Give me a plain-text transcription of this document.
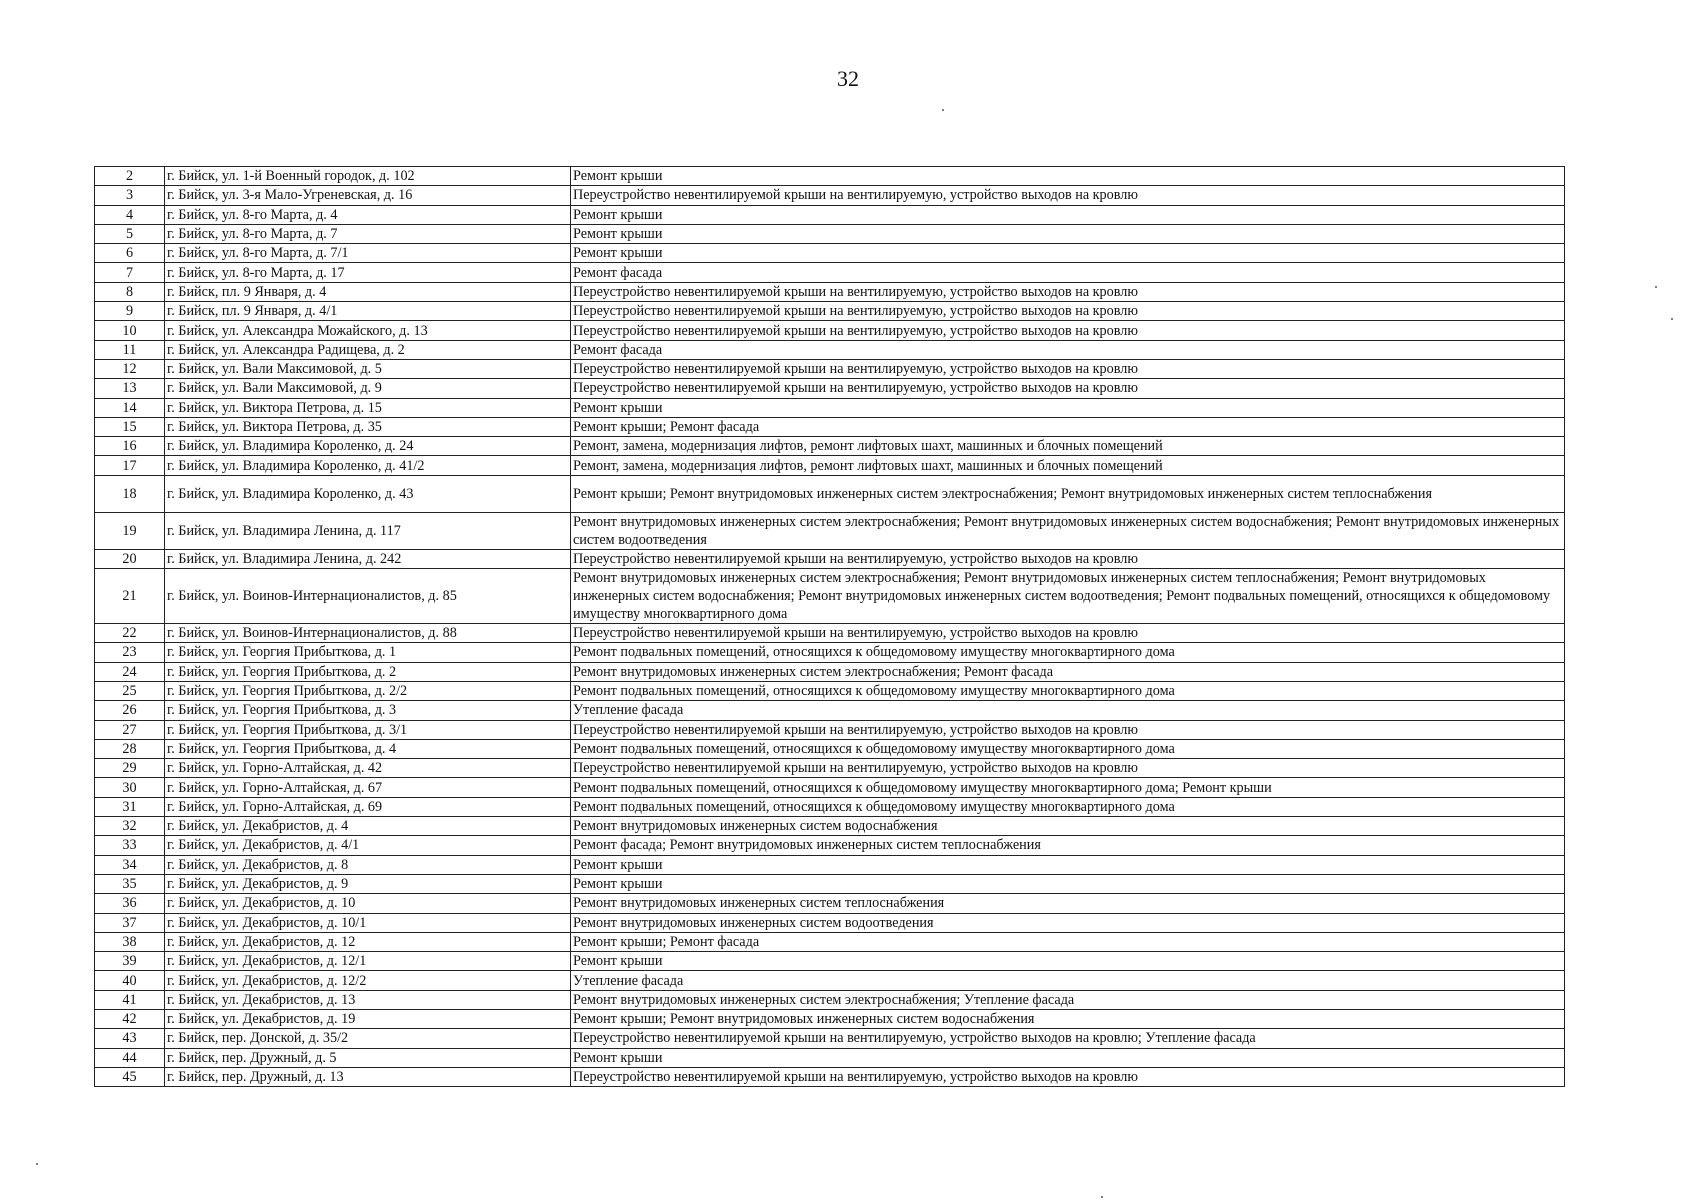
32
2	г. Бийск, ул. 1-й Военный городок, д. 102	Ремонт крыши
3	г. Бийск, ул. 3-я Мало-Угреневская, д. 16	Переустройство невентилируемой крыши на вентилируемую, устройство выходов на кровлю
4	г. Бийск, ул. 8-го Марта, д. 4	Ремонт крыши
5	г. Бийск, ул. 8-го Марта, д. 7	Ремонт крыши
6	г. Бийск, ул. 8-го Марта, д. 7/1	Ремонт крыши
7	г. Бийск, ул. 8-го Марта, д. 17	Ремонт фасада
8	г. Бийск, пл. 9 Января, д. 4	Переустройство невентилируемой крыши на вентилируемую, устройство выходов на кровлю
9	г. Бийск, пл. 9 Января, д. 4/1	Переустройство невентилируемой крыши на вентилируемую, устройство выходов на кровлю
10	г. Бийск, ул. Александра Можайского, д. 13	Переустройство невентилируемой крыши на вентилируемую, устройство выходов на кровлю
11	г. Бийск, ул. Александра Радищева, д. 2	Ремонт фасада
12	г. Бийск, ул. Вали Максимовой, д. 5	Переустройство невентилируемой крыши на вентилируемую, устройство выходов на кровлю
13	г. Бийск, ул. Вали Максимовой, д. 9	Переустройство невентилируемой крыши на вентилируемую, устройство выходов на кровлю
14	г. Бийск, ул. Виктора Петрова, д. 15	Ремонт крыши
15	г. Бийск, ул. Виктора Петрова, д. 35	Ремонт крыши; Ремонт фасада
16	г. Бийск, ул. Владимира Короленко, д. 24	Ремонт, замена, модернизация лифтов, ремонт лифтовых шахт, машинных и блочных помещений
17	г. Бийск, ул. Владимира Короленко, д. 41/2	Ремонт, замена, модернизация лифтов, ремонт лифтовых шахт, машинных и блочных помещений
18	г. Бийск, ул. Владимира Короленко, д. 43	Ремонт крыши; Ремонт внутридомовых инженерных систем электроснабжения; Ремонт внутридомовых инженерных систем теплоснабжения
19	г. Бийск, ул. Владимира Ленина, д. 117	Ремонт внутридомовых инженерных систем электроснабжения; Ремонт внутридомовых инженерных систем водоснабжения; Ремонт внутридомовых инженерных систем водоотведения
20	г. Бийск, ул. Владимира Ленина, д. 242	Переустройство невентилируемой крыши на вентилируемую, устройство выходов на кровлю
21	г. Бийск, ул. Воинов-Интернационалистов, д. 85	Ремонт внутридомовых инженерных систем электроснабжения; Ремонт внутридомовых инженерных систем теплоснабжения; Ремонт внутридомовых инженерных систем водоснабжения; Ремонт внутридомовых инженерных систем водоотведения; Ремонт подвальных помещений, относящихся к общедомовому имуществу многоквартирного дома
22	г. Бийск, ул. Воинов-Интернационалистов, д. 88	Переустройство невентилируемой крыши на вентилируемую, устройство выходов на кровлю
23	г. Бийск, ул. Георгия Прибыткова, д. 1	Ремонт подвальных помещений, относящихся к общедомовому имуществу многоквартирного дома
24	г. Бийск, ул. Георгия Прибыткова, д. 2	Ремонт внутридомовых инженерных систем электроснабжения; Ремонт фасада
25	г. Бийск, ул. Георгия Прибыткова, д. 2/2	Ремонт подвальных помещений, относящихся к общедомовому имуществу многоквартирного дома
26	г. Бийск, ул. Георгия Прибыткова, д. 3	Утепление фасада
27	г. Бийск, ул. Георгия Прибыткова, д. 3/1	Переустройство невентилируемой крыши на вентилируемую, устройство выходов на кровлю
28	г. Бийск, ул. Георгия Прибыткова, д. 4	Ремонт подвальных помещений, относящихся к общедомовому имуществу многоквартирного дома
29	г. Бийск, ул. Горно-Алтайская, д. 42	Переустройство невентилируемой крыши на вентилируемую, устройство выходов на кровлю
30	г. Бийск, ул. Горно-Алтайская, д. 67	Ремонт подвальных помещений, относящихся к общедомовому имуществу многоквартирного дома; Ремонт крыши
31	г. Бийск, ул. Горно-Алтайская, д. 69	Ремонт подвальных помещений, относящихся к общедомовому имуществу многоквартирного дома
32	г. Бийск, ул. Декабристов, д. 4	Ремонт внутридомовых инженерных систем водоснабжения
33	г. Бийск, ул. Декабристов, д. 4/1	Ремонт фасада; Ремонт внутридомовых инженерных систем теплоснабжения
34	г. Бийск, ул. Декабристов, д. 8	Ремонт крыши
35	г. Бийск, ул. Декабристов, д. 9	Ремонт крыши
36	г. Бийск, ул. Декабристов, д. 10	Ремонт внутридомовых инженерных систем теплоснабжения
37	г. Бийск, ул. Декабристов, д. 10/1	Ремонт внутридомовых инженерных систем водоотведения
38	г. Бийск, ул. Декабристов, д. 12	Ремонт крыши; Ремонт фасада
39	г. Бийск, ул. Декабристов, д. 12/1	Ремонт крыши
40	г. Бийск, ул. Декабристов, д. 12/2	Утепление фасада
41	г. Бийск, ул. Декабристов, д. 13	Ремонт внутридомовых инженерных систем электроснабжения; Утепление фасада
42	г. Бийск, ул. Декабристов, д. 19	Ремонт крыши; Ремонт внутридомовых инженерных систем водоснабжения
43	г. Бийск, пер. Донской, д. 35/2	Переустройство невентилируемой крыши на вентилируемую, устройство выходов на кровлю; Утепление фасада
44	г. Бийск, пер. Дружный, д. 5	Ремонт крыши
45	г. Бийск, пер. Дружный, д. 13	Переустройство невентилируемой крыши на вентилируемую, устройство выходов на кровлю
